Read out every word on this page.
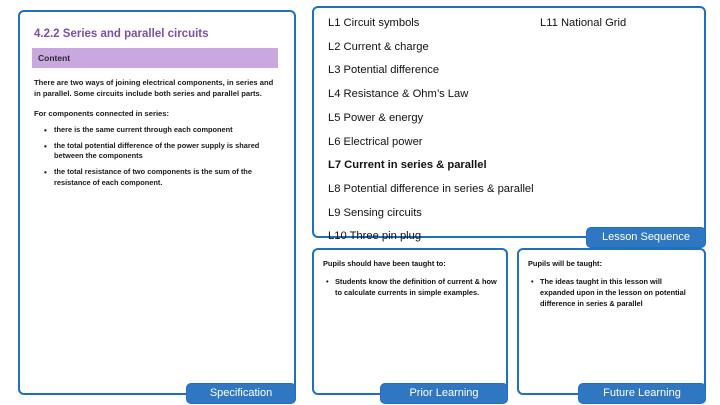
4.2.2 Series and parallel circuits
Content
There are two ways of joining electrical components, in series and in parallel. Some circuits include both series and parallel parts.
For components connected in series:
• there is the same current through each component
• the total potential difference of the power supply is shared between the components
• the total resistance of two components is the sum of the resistance of each component.
L1 Circuit symbols	L11 National Grid
L2 Current & charge
L3 Potential difference
L4 Resistance & Ohm’s Law
L5 Power & energy
L6 Electrical power
L7 Current in series & parallel
L8 Potential difference in series & parallel
L9 Sensing circuits
L10 Three pin plug
Pupils should have been taught to:
• Students know the definition of current & how to calculate currents in simple examples.
Pupils will be taught:
• The ideas taught in this lesson will expanded upon in the lesson on potential difference in series & parallel
Lesson Sequence
Specification	Prior Learning	Future Learning
